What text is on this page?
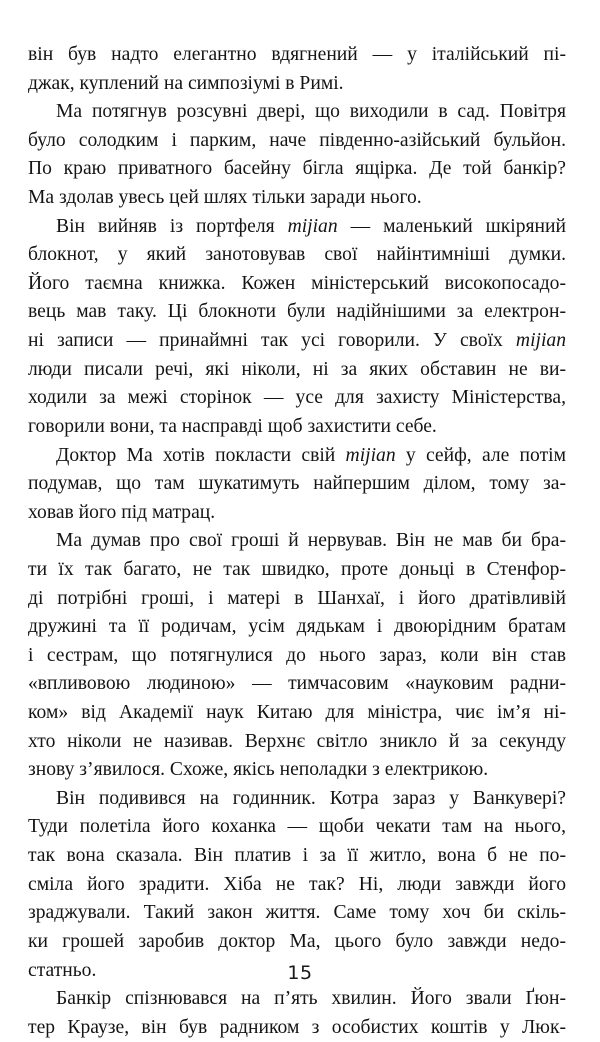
він був надто елегантно вдягнений — у італійський пі-
джак, куплений на симпозіумі в Римі.
Ма потягнув розсувні двері, що виходили в сад. Повітря
було солодким і парким, наче південно-азійський бульйон.
По краю приватного басейну бігла ящірка. Де той банкір?
Ма здолав увесь цей шлях тільки заради нього.
Він вийняв із портфеля mijian — маленький шкіряний
блокнот, у який занотовував свої найінтимніші думки.
Його таємна книжка. Кожен міністерський високопосадо-
вець мав таку. Ці блокноти були надійнішими за електрон-
ні записи — принаймні так усі говорили. У своїх mijian
люди писали речі, які ніколи, ні за яких обставин не ви-
ходили за межі сторінок — усе для захисту Міністерства,
говорили вони, та насправді щоб захистити себе.
Доктор Ма хотів покласти свій mijian у сейф, але потім
подумав, що там шукатимуть найпершим ділом, тому за-
ховав його під матрац.
Ма думав про свої гроші й нервував. Він не мав би бра-
ти їх так багато, не так швидко, проте доньці в Стенфор-
ді потрібні гроші, і матері в Шанхаї, і його дратівливій
дружині та її родичам, усім дядькам і двоюрідним братам
і сестрам, що потягнулися до нього зараз, коли він став
«впливовою людиною» — тимчасовим «науковим радни-
ком» від Академії наук Китаю для міністра, чиє ім’я ні-
хто ніколи не називав. Верхнє світло зникло й за секунду
знову з’явилося. Схоже, якісь неполадки з електрикою.
Він подивився на годинник. Котра зараз у Ванкувері?
Туди полетіла його коханка — щоби чекати там на нього,
так вона сказала. Він платив і за її житло, вона б не по-
сміла його зрадити. Хіба не так? Ні, люди завжди його
зраджували. Такий закон життя. Саме тому хоч би скіль-
ки грошей заробив доктор Ма, цього було завжди недо-
статньо.
Банкір спізнювався на п’ять хвилин. Його звали Ґюн-
тер Краузе, він був радником з особистих коштів у Люк-
15
